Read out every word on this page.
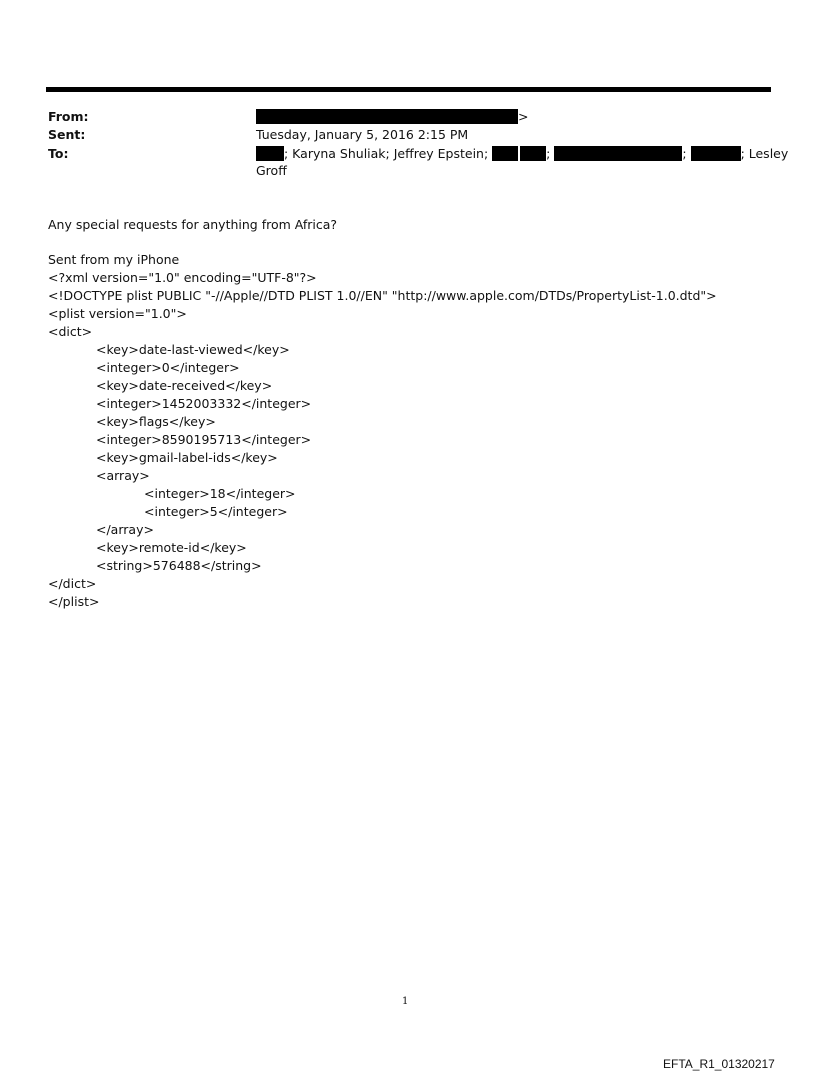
From:	>
Sent:	Tuesday, January 5, 2016 2:15 PM
To:	; Karyna Shuliak; Jeffrey Epstein;	;	;	; Lesley
Groff
Any special requests for anything from Africa?
Sent from my iPhone
<?xml version="1.0" encoding="UTF-8"?>
<!DOCTYPE plist PUBLIC "-//Apple//DTD PLIST 1.0//EN" "http://www.apple.com/DTDs/PropertyList-1.0.dtd">
<plist version="1.0">
<dict>
<key>date-last-viewed</key>
<integer>0</integer>
<key>date-received</key>
<integer>1452003332</integer>
<key>flags</key>
<integer>8590195713</integer>
<key>gmail-label-ids</key>
<array>
<integer>18</integer>
<integer>5</integer>
</array>
<key>remote-id</key>
<string>576488</string>
</dict>
</plist>
1
EFTA_R1_01320217
